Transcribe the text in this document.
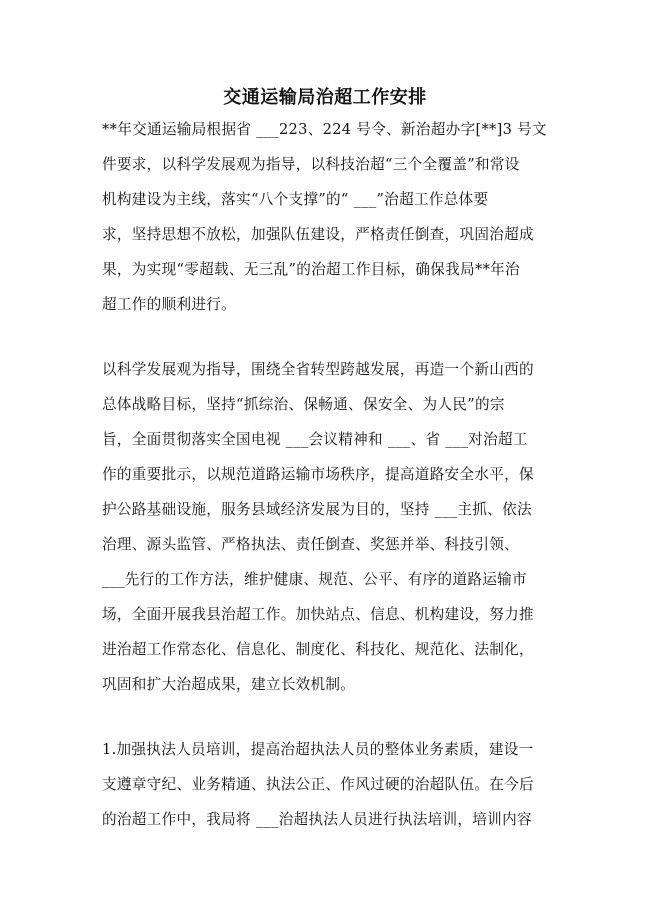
交通运输局治超工作安排
**年交通运输局根据省 ___223、224 号令、新治超办字[**]3 号文
件要求，以科学发展观为指导，以科技治超“三个全覆盖”和常设
机构建设为主线，落实“八个支撑”的“ ___”治超工作总体要
求，坚持思想不放松，加强队伍建设，严格责任倒查，巩固治超成
果，为实现“零超载、无三乱”的治超工作目标，确保我局**年治
超工作的顺利进行。
以科学发展观为指导，围绕全省转型跨越发展，再造一个新山西的
总体战略目标，坚持“抓综治、保畅通、保安全、为人民”的宗
旨，全面贯彻落实全国电视 ___会议精神和 ___、省 ___对治超工
作的重要批示，以规范道路运输市场秩序，提高道路安全水平，保
护公路基础设施，服务县域经济发展为目的，坚持 ___主抓、依法
治理、源头监管、严格执法、责任倒查、奖惩并举、科技引领、
___先行的工作方法，维护健康、规范、公平、有序的道路运输市
场，全面开展我县治超工作。加快站点、信息、机构建设，努力推
进治超工作常态化、信息化、制度化、科技化、规范化、法制化，
巩固和扩大治超成果，建立长效机制。
1.加强执法人员培训，提高治超执法人员的整体业务素质，建设一
支遵章守纪、业务精通、执法公正、作风过硬的治超队伍。在今后
的治超工作中，我局将 ___治超执法人员进行执法培训，培训内容
